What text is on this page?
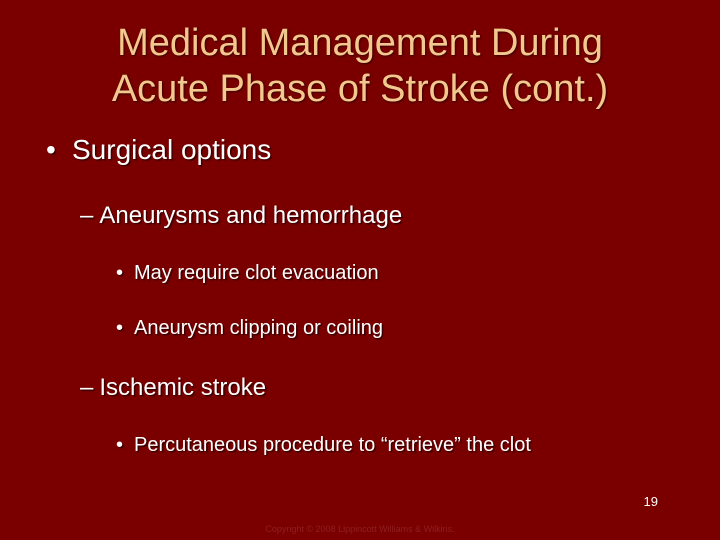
Medical Management During
Acute Phase of Stroke (cont.)
• Surgical options
– Aneurysms and hemorrhage
• May require clot evacuation
• Aneurysm clipping or coiling
– Ischemic stroke
• Percutaneous procedure to “retrieve” the clot
19
Copyright © 2008 Lippincott Williams & Wilkins.
